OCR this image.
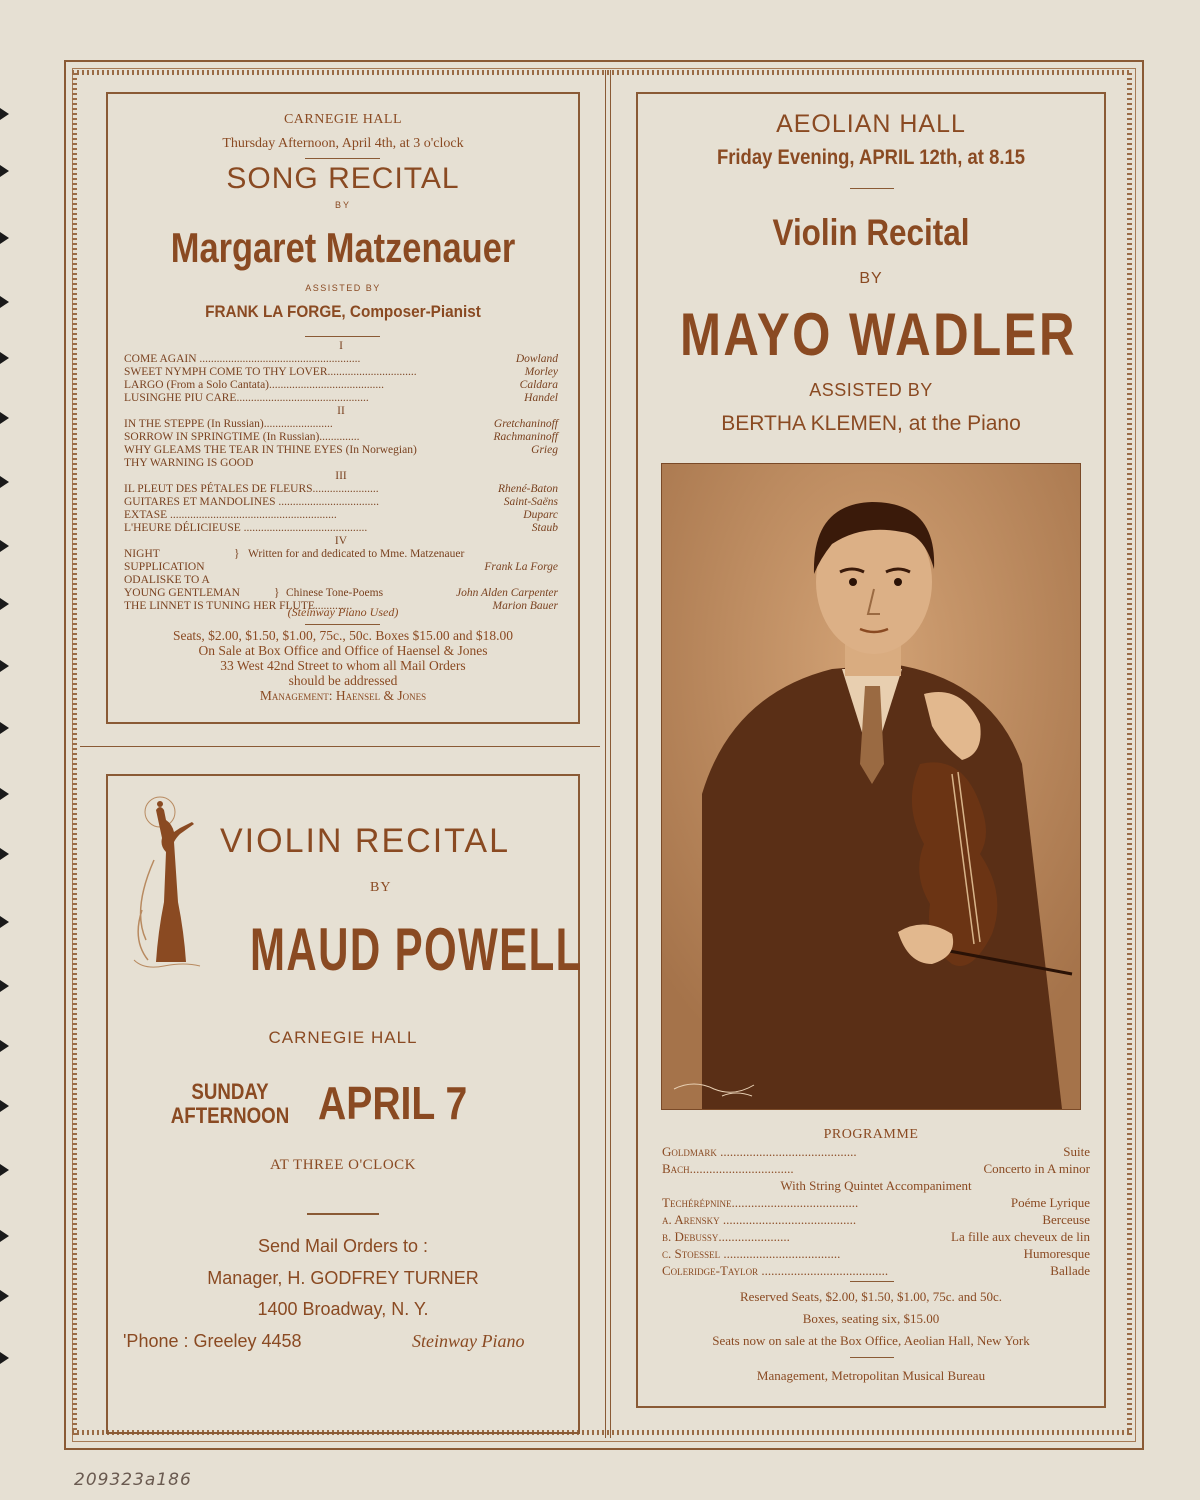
CARNEGIE HALL
Thursday Afternoon, April 4th, at 3 o'clock
SONG RECITAL
BY
Margaret Matzenauer
ASSISTED BY
FRANK LA FORGE, Composer-Pianist
I
COME AGAIN ........................................................	Dowland
SWEET NYMPH COME TO THY LOVER...............................	Morley
LARGO (From a Solo Cantata)........................................	Caldara
LUSINGHE PIU CARE..............................................	Handel
II
IN THE STEPPE (In Russian)........................	Gretchaninoff
SORROW IN SPRINGTIME (In Russian)..............	Rachmaninoff
WHY GLEAMS THE TEAR IN THINE EYES (In Norwegian)	Grieg
THY WARNING IS GOOD
III
IL PLEUT DES PÉTALES DE FLEURS.......................	Rhené-Baton
GUITARES ET MANDOLINES ...................................	Saint-Saëns
EXTASE ..........................................................	Duparc
L'HEURE DÉLICIEUSE ...........................................	Staub
IV
NIGHT	} Written for and dedicated to Mme. Matzenauer
SUPPLICATION	Frank La Forge
ODALISKE TO A
YOUNG GENTLEMAN	} Chinese Tone-Poems	John Alden Carpenter
THE LINNET IS TUNING HER FLUTE.............	Marion Bauer
(Steinway Piano Used)
Seats, $2.00, $1.50, $1.00, 75c., 50c. Boxes $15.00 and $18.00
On Sale at Box Office and Office of Haensel & Jones
33 West 42nd Street to whom all Mail Orders
should be addressed
Management: Haensel & Jones
VIOLIN RECITAL
BY
MAUD POWELL
CARNEGIE HALL
SUNDAY
AFTERNOON APRIL 7
AT THREE O'CLOCK
Send Mail Orders to :
Manager, H. GODFREY TURNER
1400 Broadway, N. Y.
'Phone : Greeley 4458	Steinway Piano
AEOLIAN HALL
Friday Evening, APRIL 12th, at 8.15
Violin Recital
BY
MAYO WADLER
ASSISTED BY
BERTHA KLEMEN, at the Piano
PROGRAMME
Goldmark ..........................................	Suite
Bach................................	Concerto in A minor
With String Quintet Accompaniment
Techérépnine.......................................	Poéme Lyrique
a. Arensky .........................................	Berceuse
b. Debussy......................	La fille aux cheveux de lin
c. Stoessel ....................................	Humoresque
Coleridge-Taylor .......................................	Ballade
Reserved Seats, $2.00, $1.50, $1.00, 75c. and 50c.
Boxes, seating six, $15.00
Seats now on sale at the Box Office, Aeolian Hall, New York
Management, Metropolitan Musical Bureau
209323a186
